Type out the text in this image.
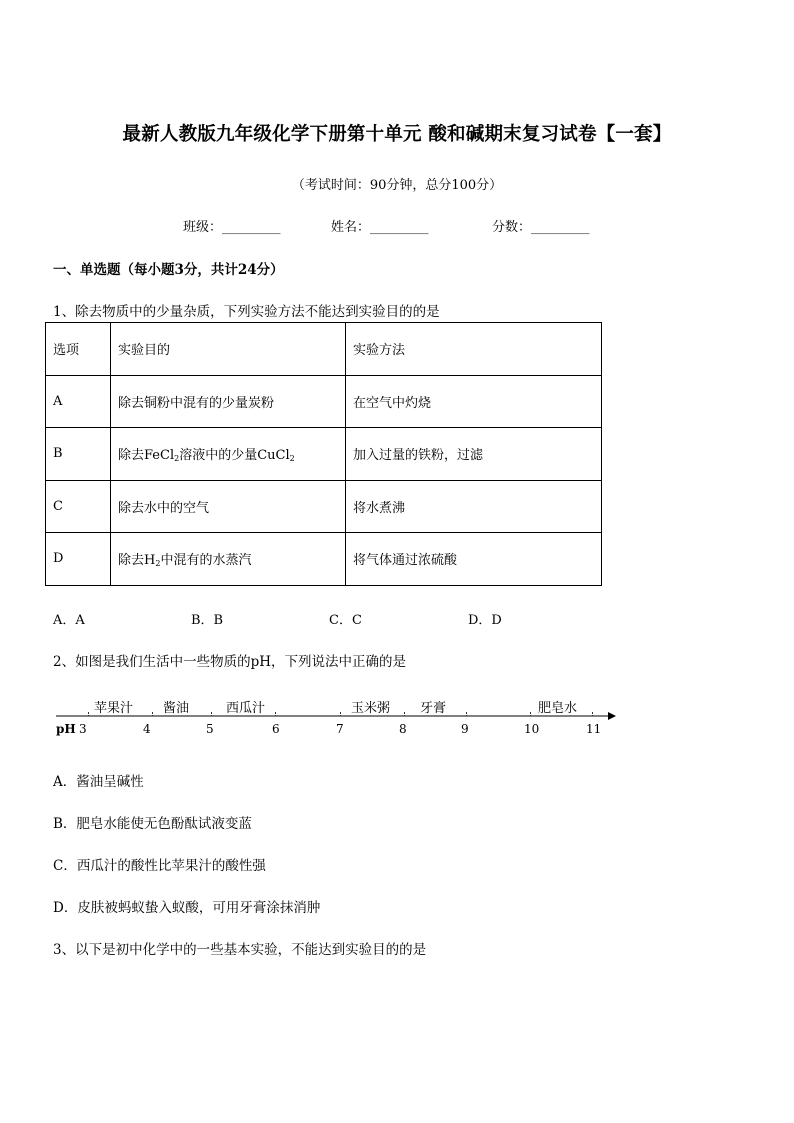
最新人教版九年级化学下册第十单元 酸和碱期末复习试卷【一套】
（考试时间：90分钟，总分100分）
班级：_________	姓名：_________	分数：_________
一、单选题（每小题3分，共计24分）
1、除去物质中的少量杂质，下列实验方法不能达到实验目的的是
选项	实验目的	实验方法
A	除去铜粉中混有的少量炭粉	在空气中灼烧
B	除去FeCl$_2$溶液中的少量CuCl$_2$	加入过量的铁粉，过滤
C	除去水中的空气	将水煮沸
D	除去$H_2$中混有的水蒸汽	将气体通过浓硫酸
A．A	B．B	C．C	D．D
2、如图是我们生活中一些物质的pH，下列说法中正确的是
苹果汁 酱油	西瓜汁	玉米粥 牙膏	肥皂水
pH 3	4	5	6	7	8	9	10	11
A．酱油呈碱性
B．肥皂水能使无色酚酞试液变蓝
C．西瓜汁的酸性比苹果汁的酸性强
D．皮肤被蚂蚁蛰入蚁酸，可用牙膏涂抹消肿
3、以下是初中化学中的一些基本实验，不能达到实验目的的是
